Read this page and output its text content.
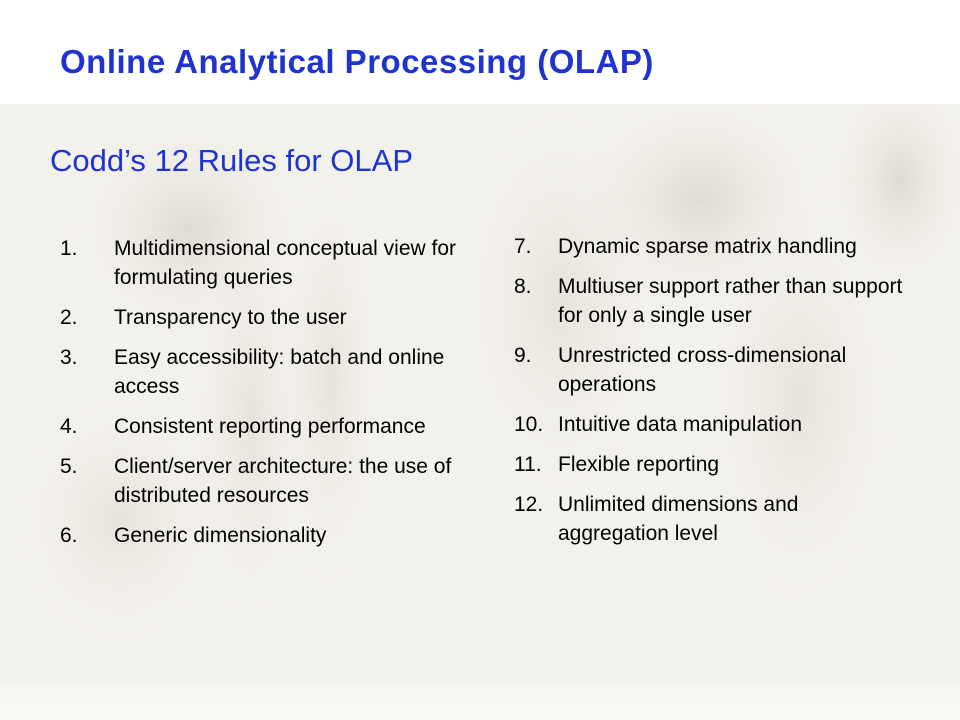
Online Analytical Processing (OLAP)
Codd’s 12 Rules for OLAP
1. Multidimensional conceptual view for formulating queries
2. Transparency to the user
3. Easy accessibility: batch and online access
4. Consistent reporting performance
5. Client/server architecture: the use of distributed resources
6. Generic dimensionality
7. Dynamic sparse matrix handling
8. Multiuser support rather than support for only a single user
9. Unrestricted cross-dimensional operations
10. Intuitive data manipulation
11. Flexible reporting
12. Unlimited dimensions and aggregation level
